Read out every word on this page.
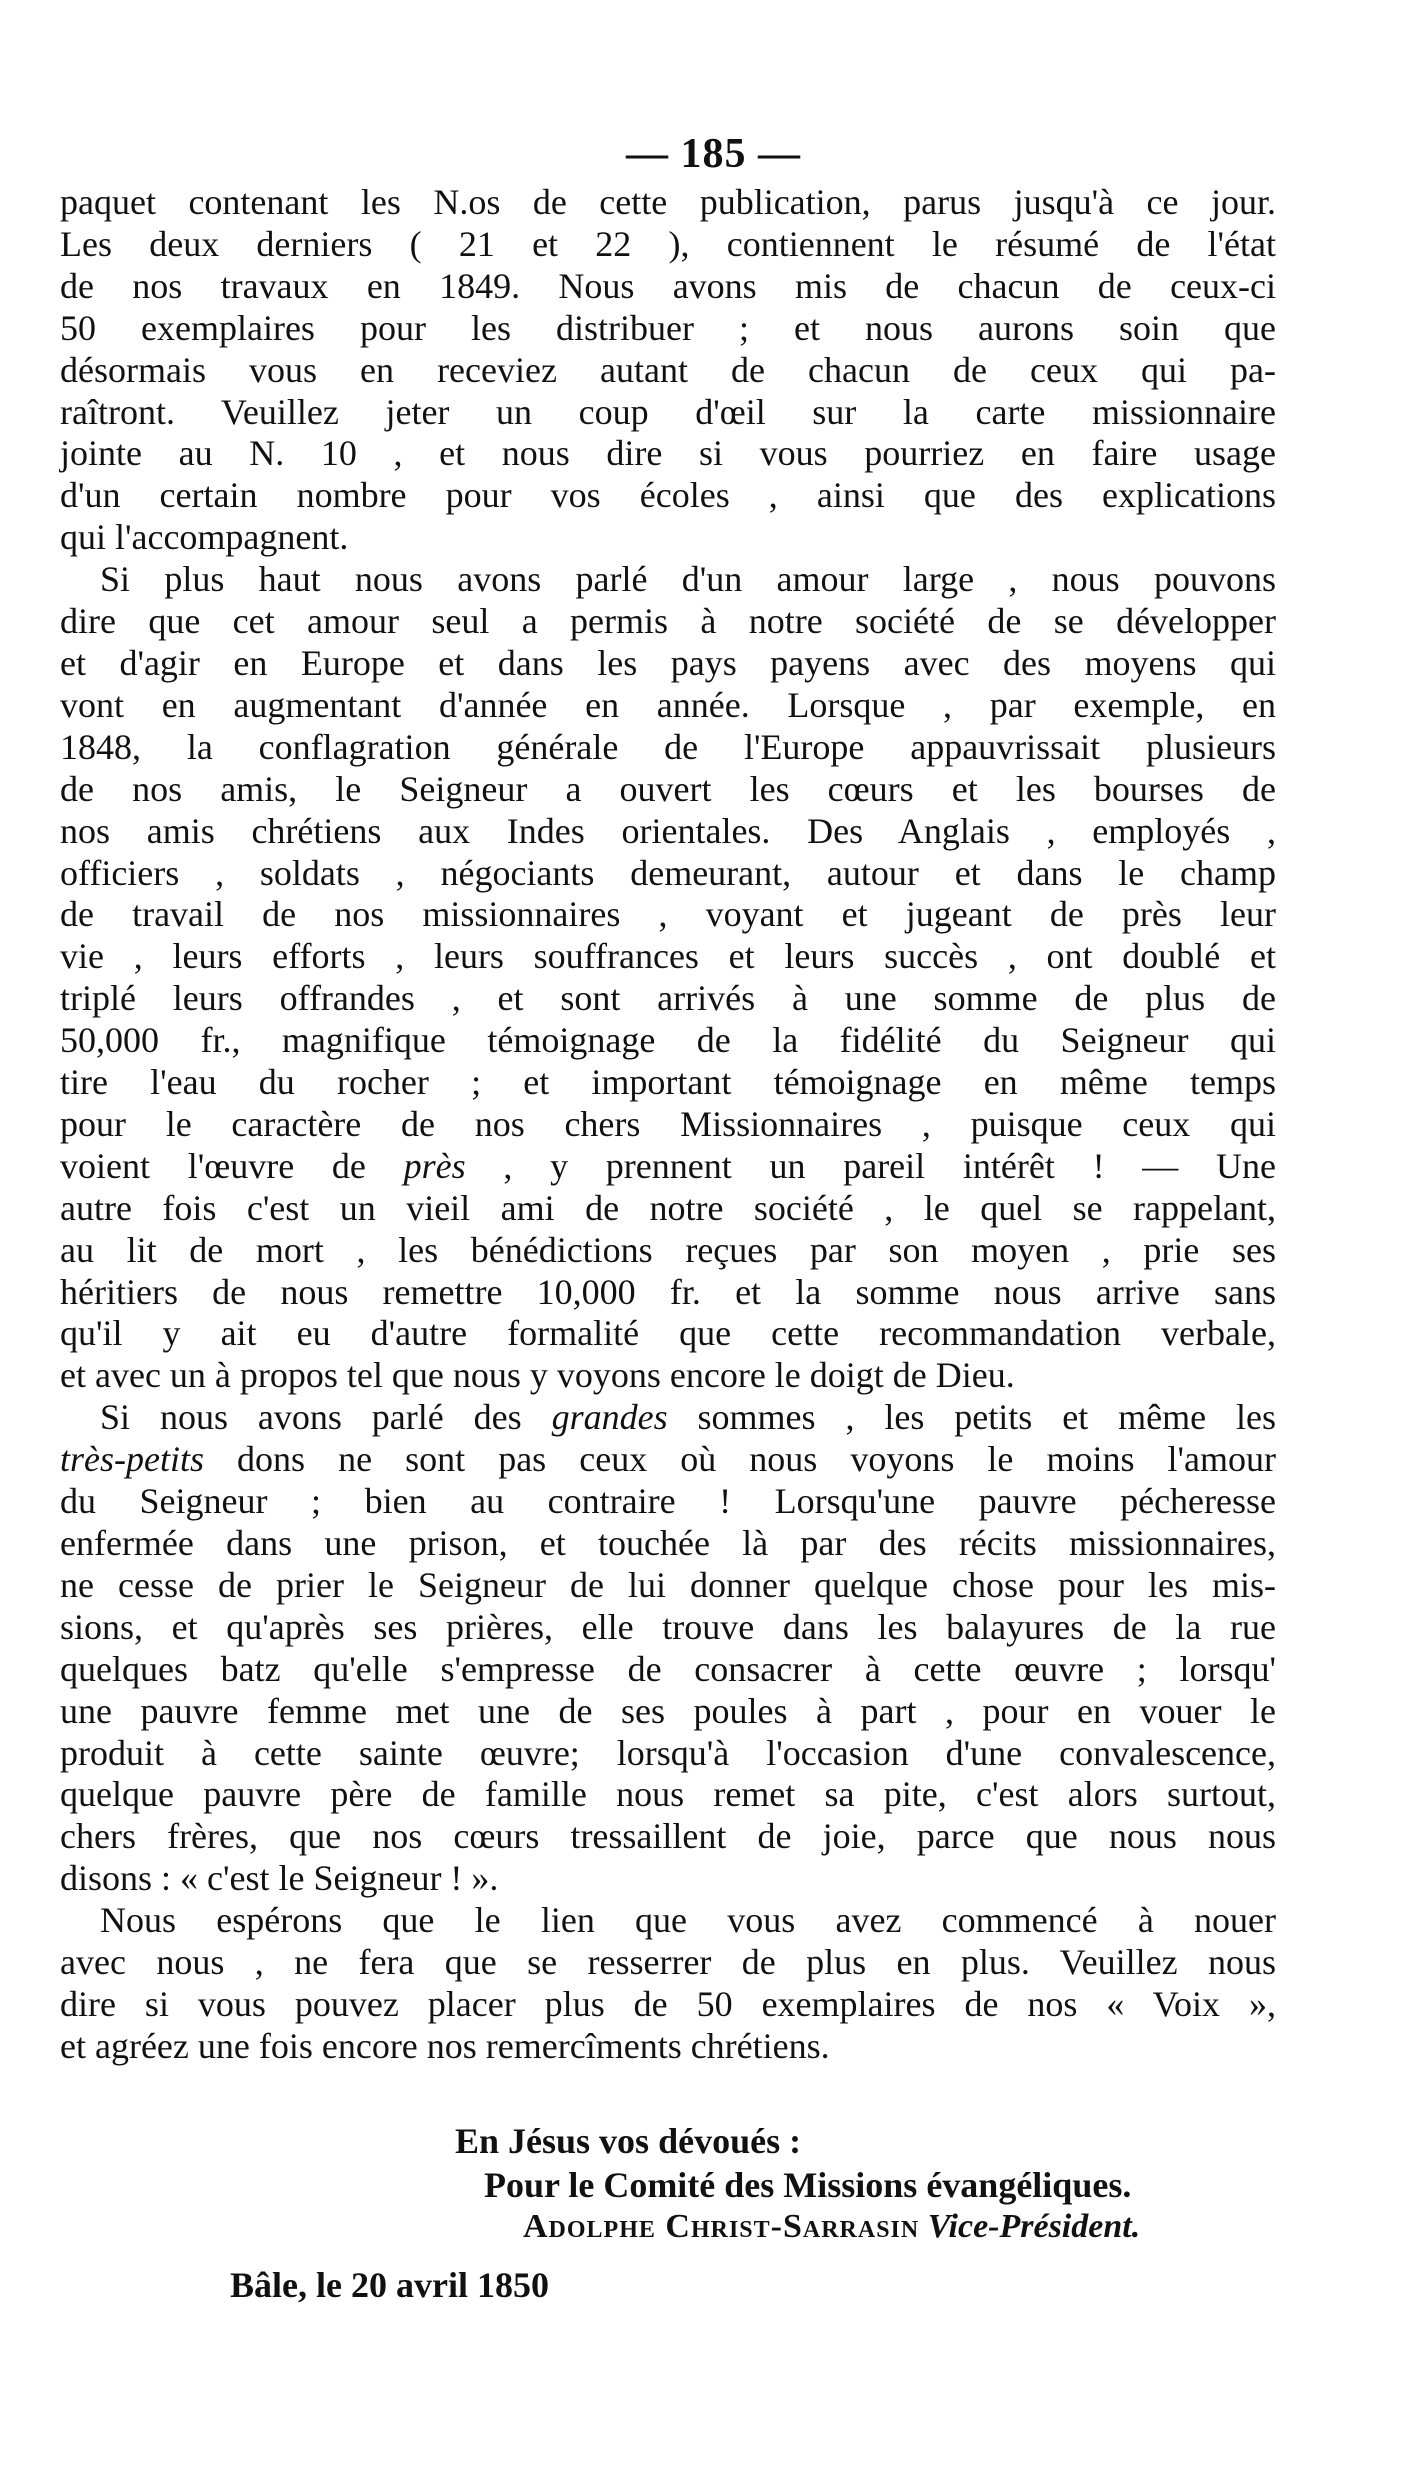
— 185 —
paquet contenant les N.os de cette publication, parus jusqu'à ce jour.
Les deux derniers ( 21 et 22 ), contiennent le résumé de l'état
de nos travaux en 1849. Nous avons mis de chacun de ceux-ci
50 exemplaires pour les distribuer ; et nous aurons soin que
désormais vous en receviez autant de chacun de ceux qui pa-
raîtront. Veuillez jeter un coup d'œil sur la carte missionnaire
jointe au N. 10 , et nous dire si vous pourriez en faire usage
d'un certain nombre pour vos écoles , ainsi que des explications
qui l'accompagnent.
Si plus haut nous avons parlé d'un amour large , nous pouvons
dire que cet amour seul a permis à notre société de se développer
et d'agir en Europe et dans les pays payens avec des moyens qui
vont en augmentant d'année en année. Lorsque , par exemple, en
1848, la conflagration générale de l'Europe appauvrissait plusieurs
de nos amis, le Seigneur a ouvert les cœurs et les bourses de
nos amis chrétiens aux Indes orientales. Des Anglais , employés ,
officiers , soldats , négociants demeurant, autour et dans le champ
de travail de nos missionnaires , voyant et jugeant de près leur
vie , leurs efforts , leurs souffrances et leurs succès , ont doublé et
triplé leurs offrandes , et sont arrivés à une somme de plus de
50,000 fr., magnifique témoignage de la fidélité du Seigneur qui
tire l'eau du rocher ; et important témoignage en même temps
pour le caractère de nos chers Missionnaires , puisque ceux qui
voient l'œuvre de près , y prennent un pareil intérêt ! — Une
autre fois c'est un vieil ami de notre société , le quel se rappelant,
au lit de mort , les bénédictions reçues par son moyen , prie ses
héritiers de nous remettre 10,000 fr. et la somme nous arrive sans
qu'il y ait eu d'autre formalité que cette recommandation verbale,
et avec un à propos tel que nous y voyons encore le doigt de Dieu.
Si nous avons parlé des grandes sommes , les petits et même les
très-petits dons ne sont pas ceux où nous voyons le moins l'amour
du Seigneur ; bien au contraire ! Lorsqu'une pauvre pécheresse
enfermée dans une prison, et touchée là par des récits missionnaires,
ne cesse de prier le Seigneur de lui donner quelque chose pour les mis-
sions, et qu'après ses prières, elle trouve dans les balayures de la rue
quelques batz qu'elle s'empresse de consacrer à cette œuvre ; lorsqu'
une pauvre femme met une de ses poules à part , pour en vouer le
produit à cette sainte œuvre; lorsqu'à l'occasion d'une convalescence,
quelque pauvre père de famille nous remet sa pite, c'est alors surtout,
chers frères, que nos cœurs tressaillent de joie, parce que nous nous
disons : « c'est le Seigneur ! ».
Nous espérons que le lien que vous avez commencé à nouer
avec nous , ne fera que se resserrer de plus en plus. Veuillez nous
dire si vous pouvez placer plus de 50 exemplaires de nos « Voix »,
et agréez une fois encore nos remercîments chrétiens.
En Jésus vos dévoués :
Pour le Comité des Missions évangéliques.
Adolphe Christ-Sarrasin Vice-Président.
Bâle, le 20 avril 1850
